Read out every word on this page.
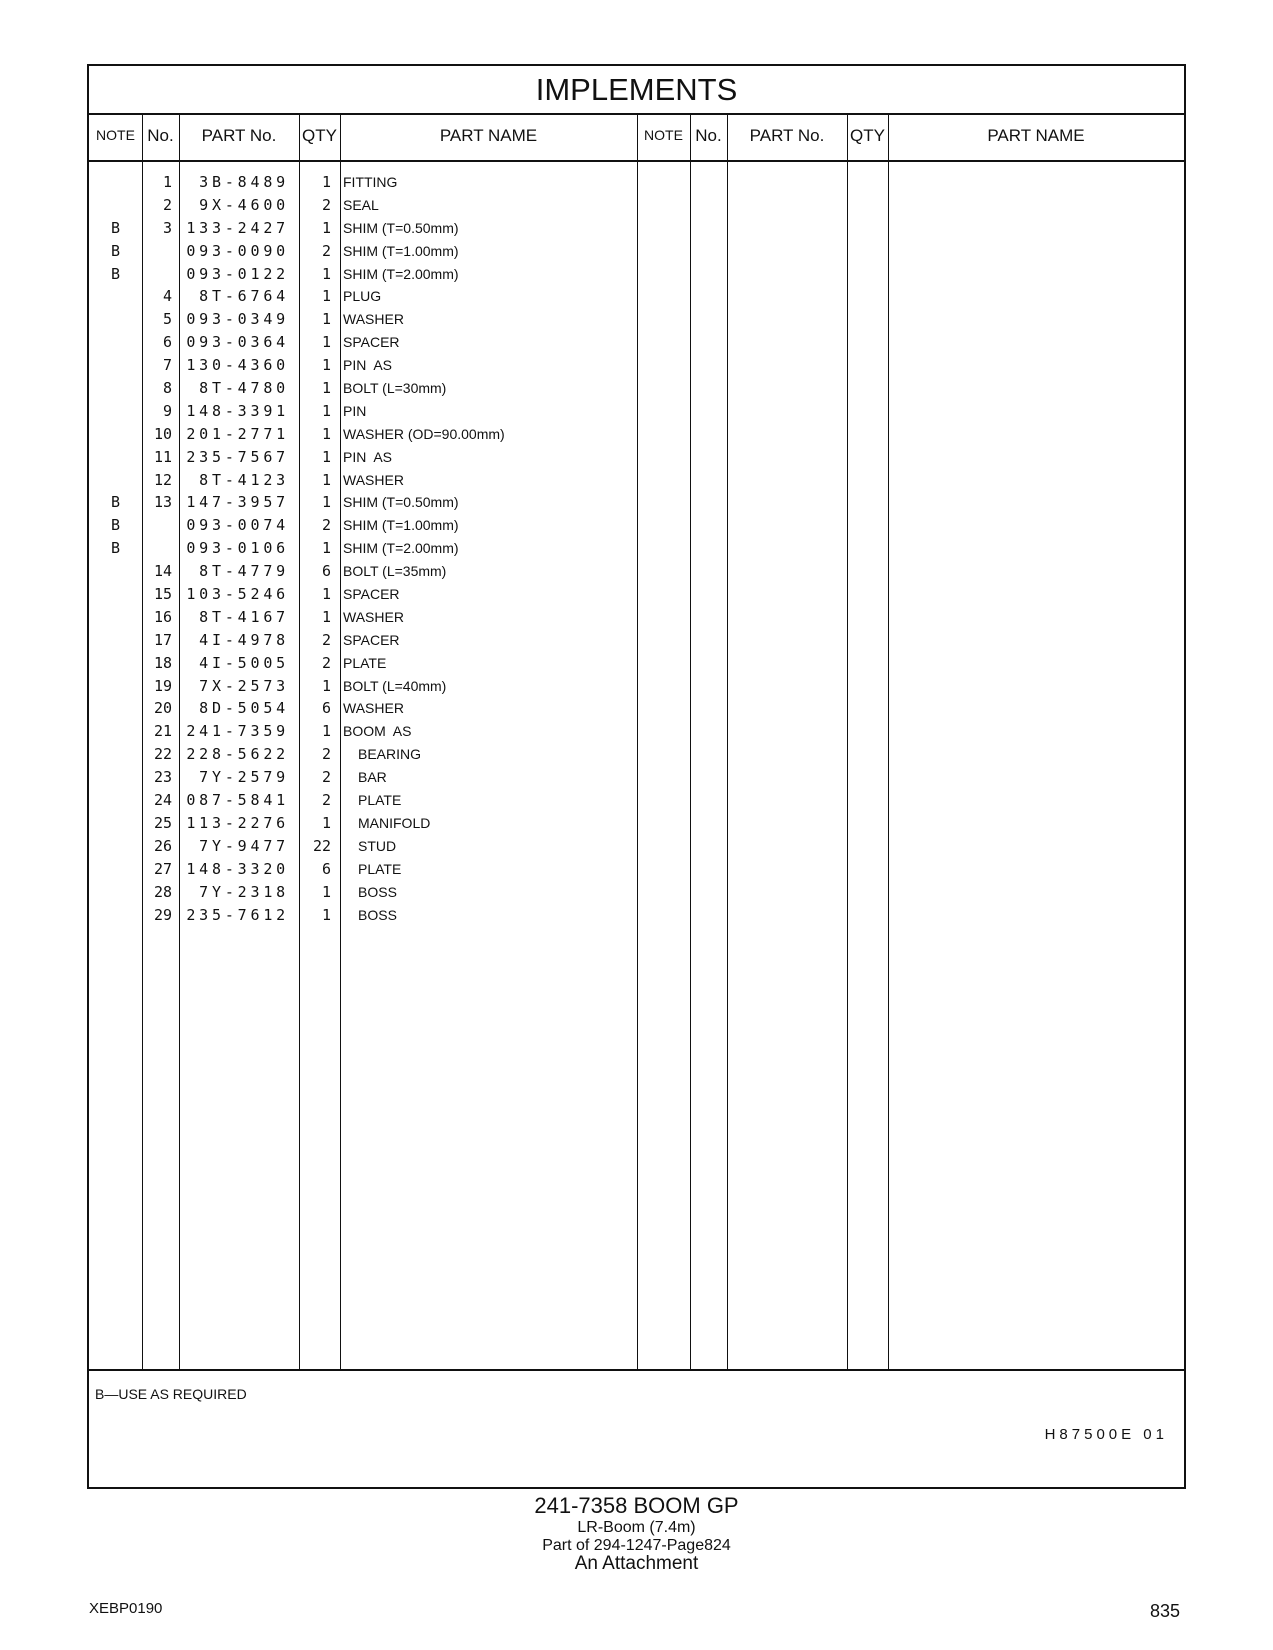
IMPLEMENTS
NOTE No.	PART No.	QTY	PART NAME	NOTE No.	PART No.	QTY	PART NAME
1	3B-8489	1 FITTING
2	9X-4600	2 SEAL
B	3 133-2427	1 SHIM (T=0.50mm)
B	093-0090	2 SHIM (T=1.00mm)
B	093-0122	1 SHIM (T=2.00mm)
4	8T-6764	1 PLUG
5 093-0349	1 WASHER
6 093-0364	1 SPACER
7 130-4360	1 PIN  AS
8	8T-4780	1 BOLT (L=30mm)
9 148-3391	1 PIN
10 201-2771	1 WASHER (OD=90.00mm)
11 235-7567	1 PIN  AS
12	8T-4123	1 WASHER
B	13 147-3957	1 SHIM (T=0.50mm)
B	093-0074	2 SHIM (T=1.00mm)
B	093-0106	1 SHIM (T=2.00mm)
14	8T-4779	6 BOLT (L=35mm)
15 103-5246	1 SPACER
16	8T-4167	1 WASHER
17	4I-4978	2 SPACER
18	4I-5005	2 PLATE
19	7X-2573	1 BOLT (L=40mm)
20	8D-5054	6 WASHER
21 241-7359	1 BOOM  AS
22 228-5622	2 BEARING
23	7Y-2579	2 BAR
24 087-5841	2 PLATE
25 113-2276	1 MANIFOLD
26	7Y-9477	22 STUD
27 148-3320	6 PLATE
28	7Y-2318	1 BOSS
29 235-7612	1 BOSS
B—USE AS REQUIRED
H87500E 01
241-7358 BOOM GP
LR-Boom (7.4m)
Part of 294-1247-Page824
An Attachment
XEBP0190	835
